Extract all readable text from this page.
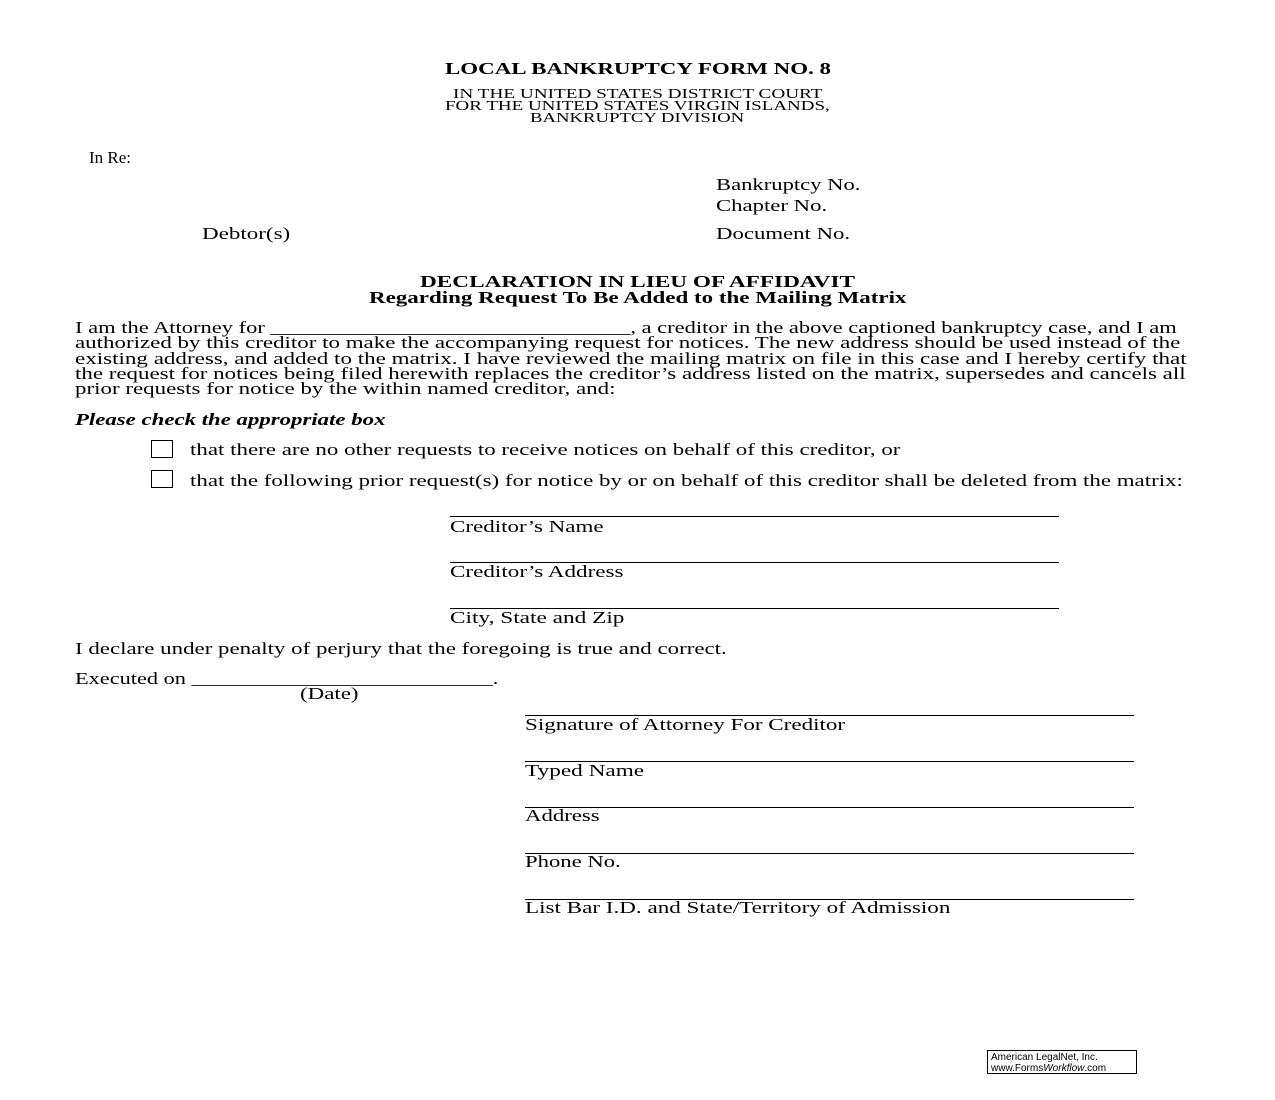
LOCAL BANKRUPTCY FORM NO. 8
IN THE UNITED STATES DISTRICT COURT
FOR THE UNITED STATES VIRGIN ISLANDS,
BANKRUPTCY DIVISION
In Re:
Bankruptcy No.
Chapter No.
Debtor(s)	Document No.
DECLARATION IN LIEU OF AFFIDAVIT
Regarding Request To Be Added to the Mailing Matrix
I am the Attorney for ________________________________, a creditor in the above captioned bankruptcy case, and I am
authorized by this creditor to make the accompanying request for notices. The new address should be used instead of the
existing address, and added to the matrix. I have reviewed the mailing matrix on file in this case and I hereby certify that
the request for notices being filed herewith replaces the creditor’s address listed on the matrix, supersedes and cancels all
prior requests for notice by the within named creditor, and:
Please check the appropriate box
that there are no other requests to receive notices on behalf of this creditor, or
that the following prior request(s) for notice by or on behalf of this creditor shall be deleted from the matrix:
Creditor’s Name
Creditor’s Address
City, State and Zip
I declare under penalty of perjury that the foregoing is true and correct.
Executed on ___________________________.
(Date)
Signature of Attorney For Creditor
Typed Name
Address
Phone No.
List Bar I.D. and State/Territory of Admission
American LegalNet, Inc.
www.FormsWorkflow.com
